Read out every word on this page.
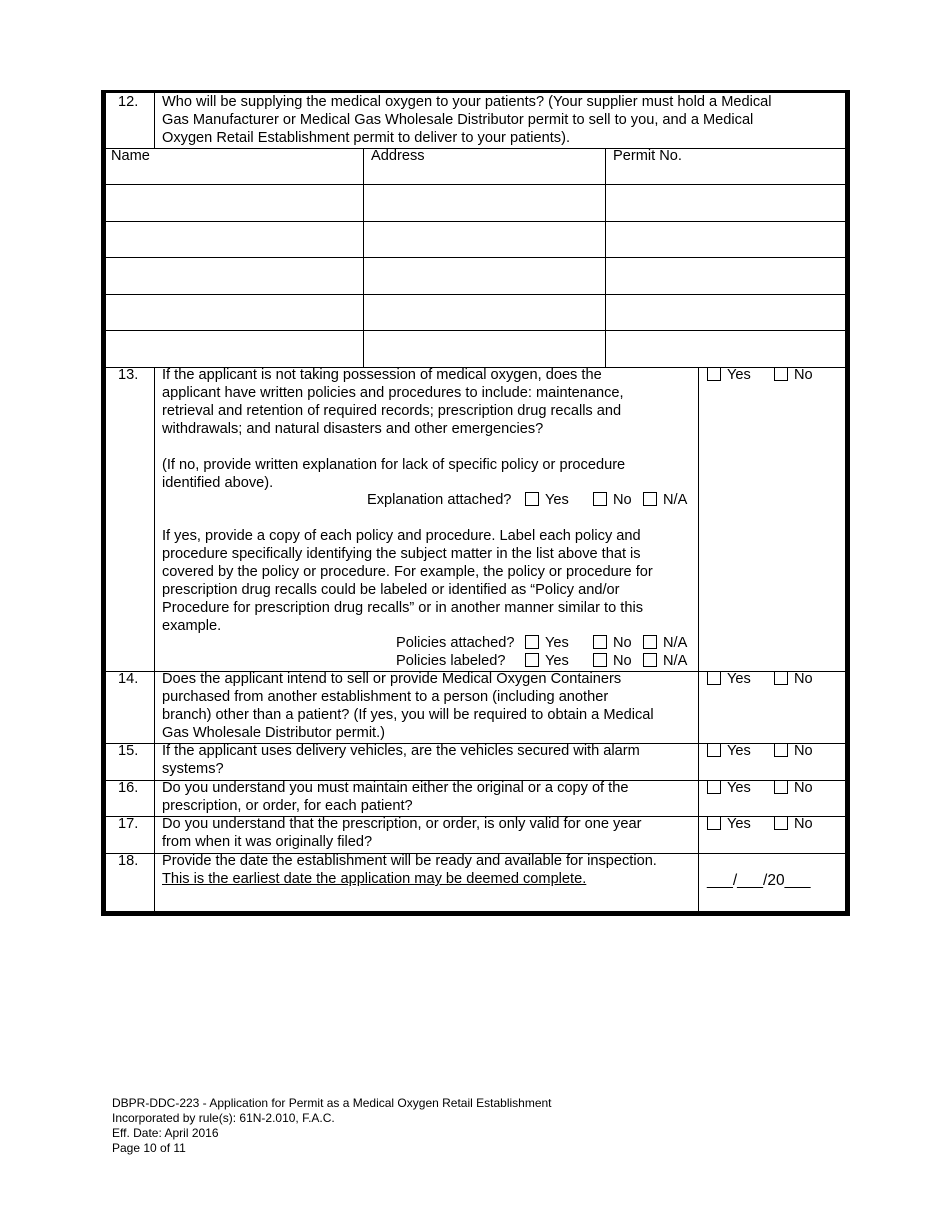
12. Who will be supplying the medical oxygen to your patients? (Your supplier must hold a Medical
Gas Manufacturer or Medical Gas Wholesale Distributor permit to sell to you, and a Medical
Oxygen Retail Establishment permit to deliver to your patients).
Name	Address	Permit No.
13. If the applicant is not taking possession of medical oxygen, does the
applicant have written policies and procedures to include: maintenance,
retrieval and retention of required records; prescription drug recalls and
withdrawals; and natural disasters and other emergencies?
(If no, provide written explanation for lack of specific policy or procedure
identified above).
Explanation attached?	Yes	No	N/A
If yes, provide a copy of each policy and procedure. Label each policy and
procedure specifically identifying the subject matter in the list above that is
covered by the policy or procedure. For example, the policy or procedure for
prescription drug recalls could be labeled or identified as “Policy and/or
Procedure for prescription drug recalls” or in another manner similar to this
example.
Policies attached?	Yes	No	N/A
Policies labeled?	Yes	No	N/A
Yes	No
14. Does the applicant intend to sell or provide Medical Oxygen Containers
purchased from another establishment to a person (including another
branch) other than a patient? (If yes, you will be required to obtain a Medical
Gas Wholesale Distributor permit.)
Yes	No
15. If the applicant uses delivery vehicles, are the vehicles secured with alarm
systems?
Yes	No
16. Do you understand you must maintain either the original or a copy of the
prescription, or order, for each patient?
Yes	No
17. Do you understand that the prescription, or order, is only valid for one year
from when it was originally filed?
Yes	No
18. Provide the date the establishment will be ready and available for inspection.
This is the earliest date the application may be deemed complete.	___/___/20___
DBPR-DDC-223 - Application for Permit as a Medical Oxygen Retail Establishment
Incorporated by rule(s): 61N-2.010, F.A.C.
Eff. Date: April 2016
Page 10 of 11
